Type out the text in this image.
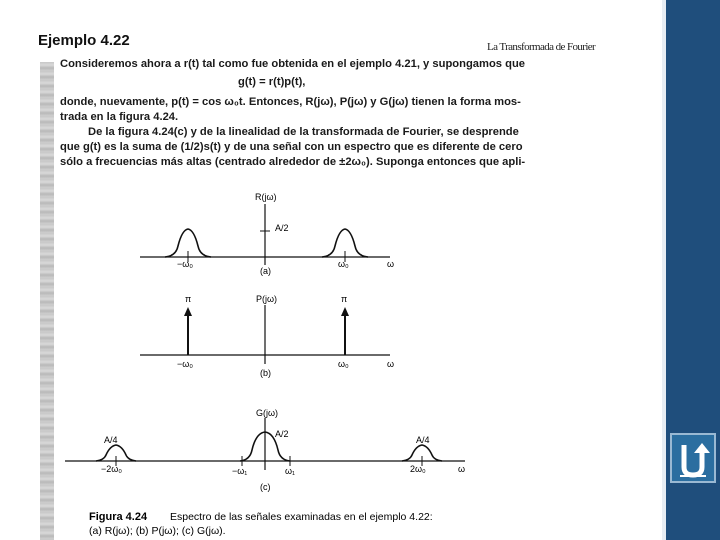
La Transformada de Fourier
Ejemplo 4.22
Consideremos ahora a r(t) tal como fue obtenida en el ejemplo 4.21, y supongamos que
g(t) = r(t)p(t),
donde, nuevamente, p(t) = cos ω₀t. Entonces, R(jω), P(jω) y G(jω) tienen la forma mos-
trada en la figura 4.24.
De la figura 4.24(c) y de la linealidad de la transformada de Fourier, se desprende
que g(t) es la suma de (1/2)s(t) y de una señal con un espectro que es diferente de cero
sólo a frecuencias más altas (centrado alrededor de ±2ω₀). Suponga entonces que apli-
R(jω)
A/2
−ω₀	ω₀	ω
(a)
P(jω)
π	π
−ω₀	ω₀	ω
(b)
G(jω)
A/4
A/2
A/4
−2ω₀	−ω₁	ω₁	2ω₀	ω
(c)
Figura 4.24 Espectro de las señales examinadas en el ejemplo 4.22:
(a) R(jω); (b) P(jω); (c) G(jω).
